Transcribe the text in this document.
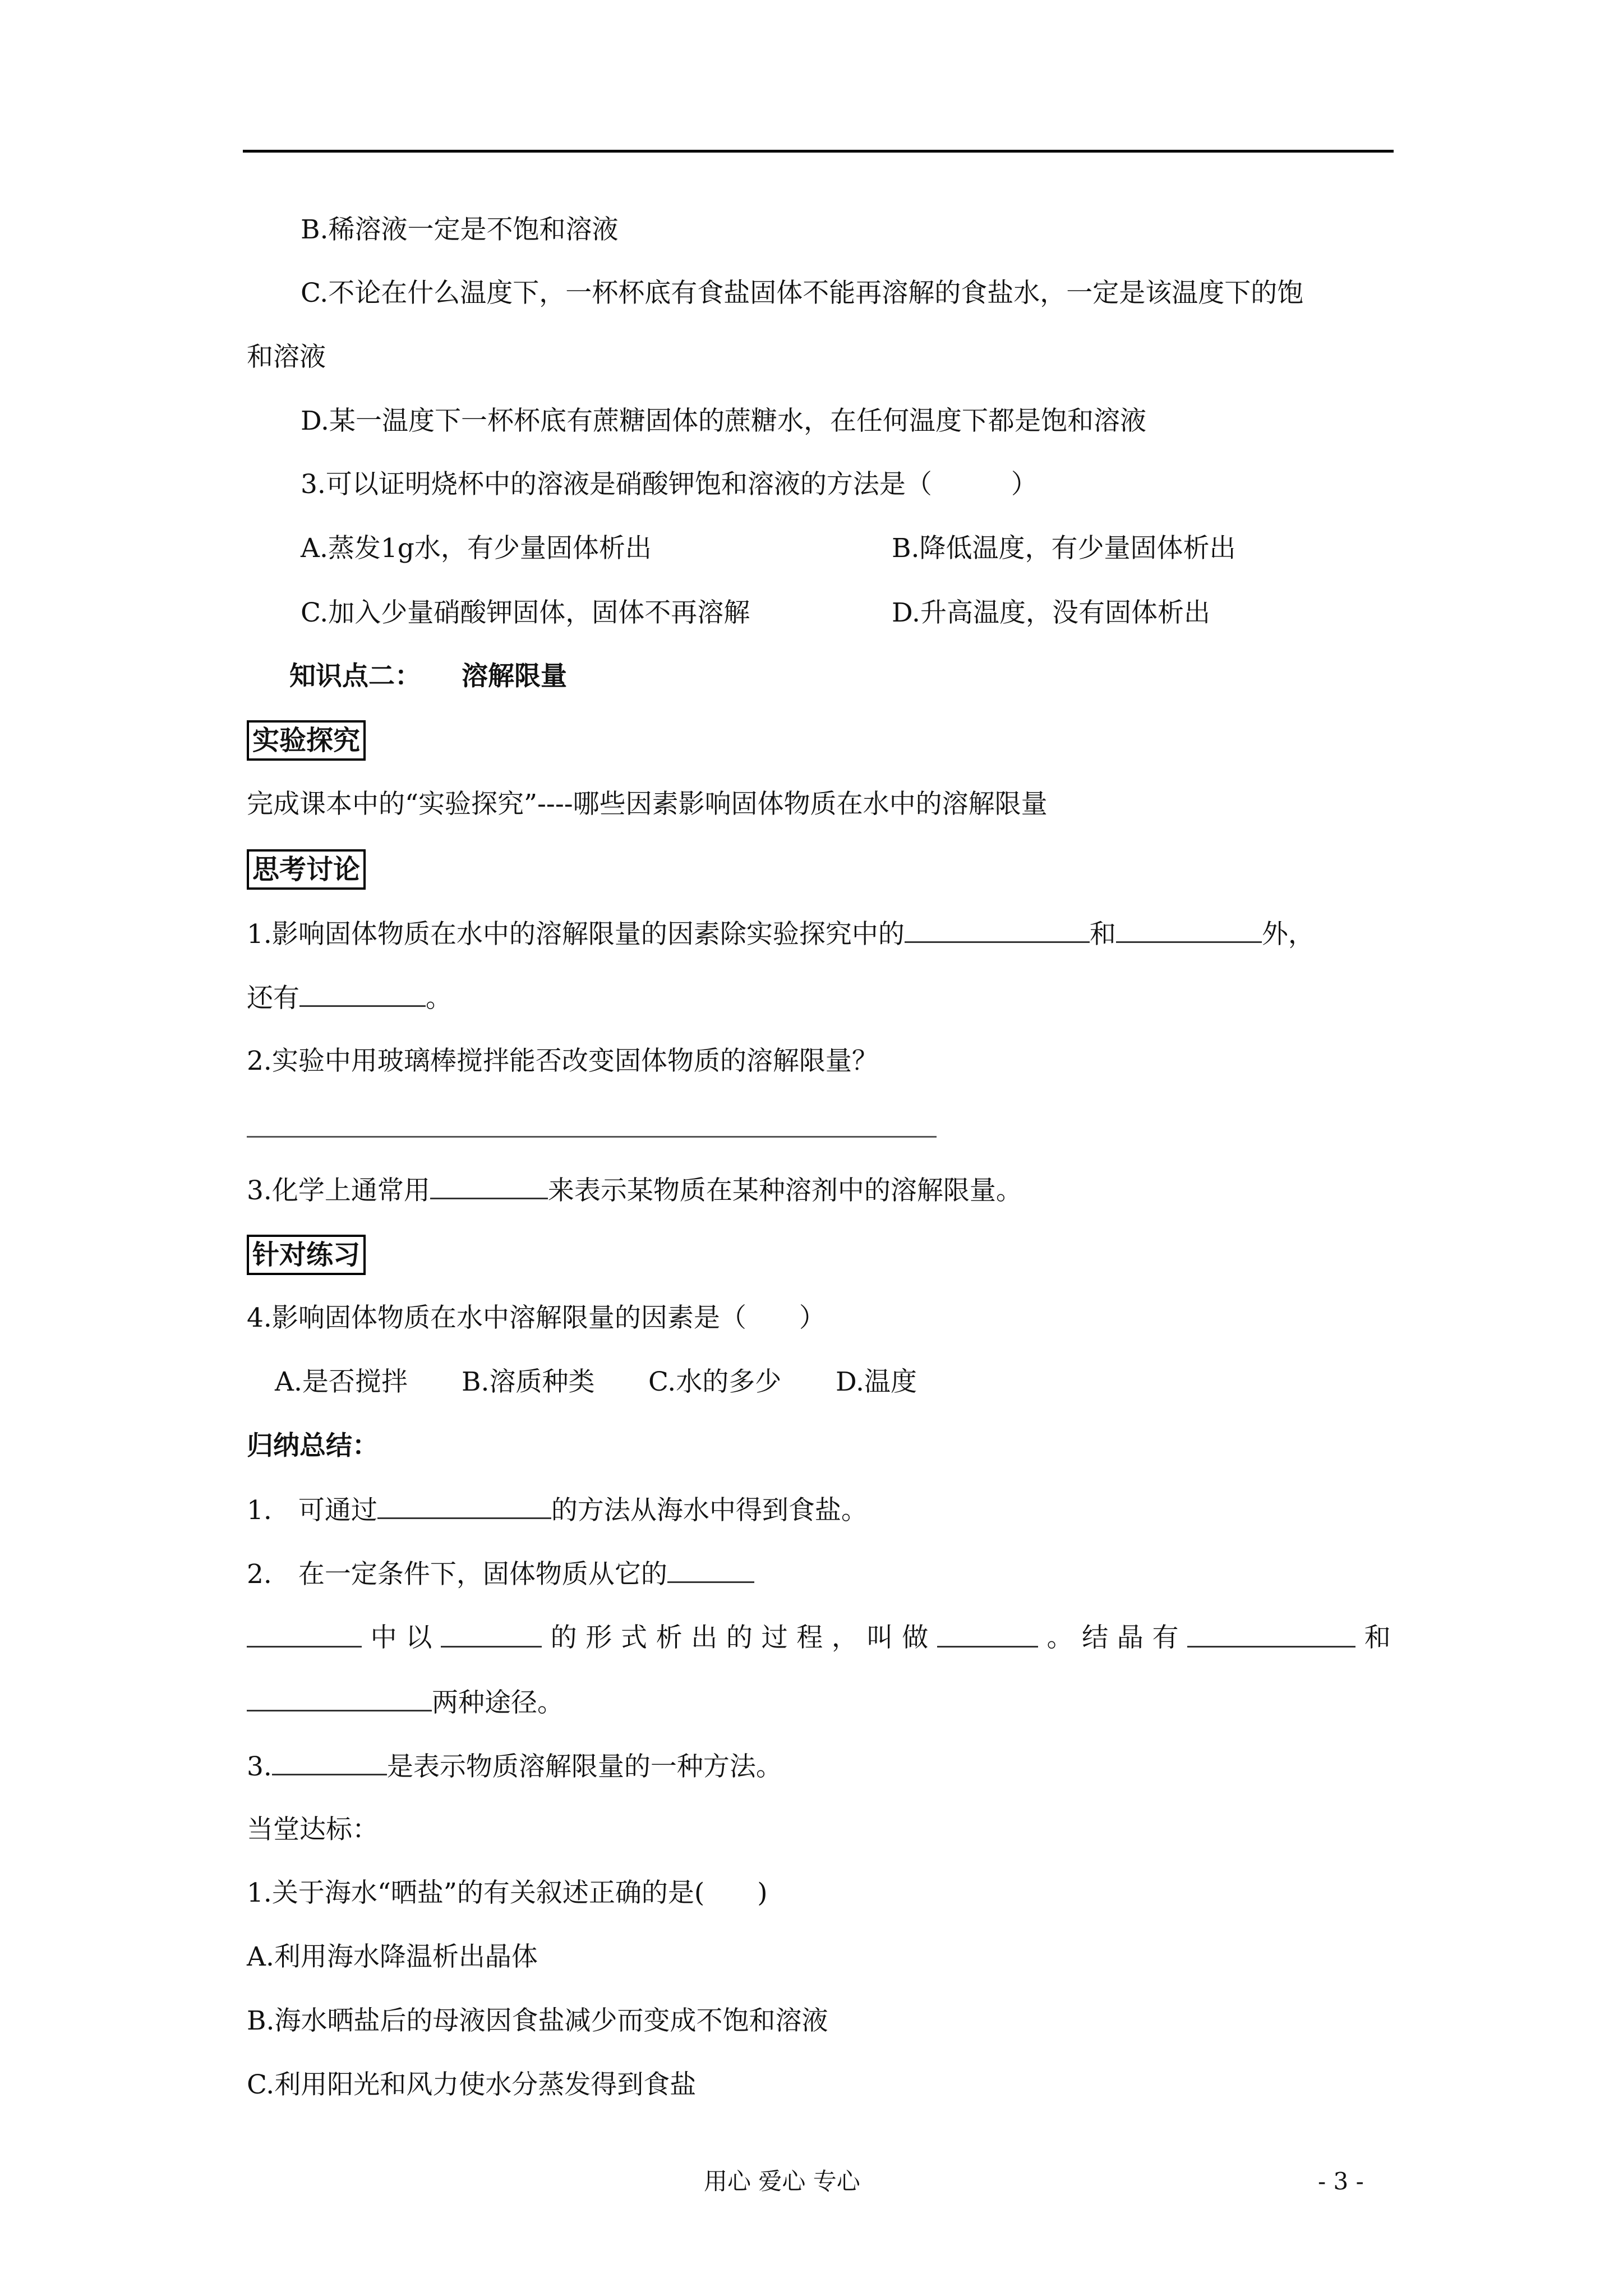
B.稀溶液一定是不饱和溶液
C.不论在什么温度下，一杯杯底有食盐固体不能再溶解的食盐水，一定是该温度下的饱
和溶液
D.某一温度下一杯杯底有蔗糖固体的蔗糖水，在任何温度下都是饱和溶液
3.可以证明烧杯中的溶液是硝酸钾饱和溶液的方法是（　　　）
A.蒸发1g水，有少量固体析出	B.降低温度，有少量固体析出
C.加入少量硝酸钾固体，固体不再溶解	D.升高温度，没有固体析出
知识点二： 溶解限量
实验探究
完成课本中的“实验探究”----哪些因素影响固体物质在水中的溶解限量
思考讨论
1.影响固体物质在水中的溶解限量的因素除实验探究中的	和	外，
还有	。
2.实验中用玻璃棒搅拌能否改变固体物质的溶解限量？
3.化学上通常用	来表示某物质在某种溶剂中的溶解限量。
针对练习
4.影响固体物质在水中溶解限量的因素是（　　）
A.是否搅拌 B.溶质种类 C.水的多少 D.温度
归纳总结：
1.　可通过	的方法从海水中得到食盐。
2.　在一定条件下，固体物质从它的
中 以	的 形 式 析 出 的 过 程 ， 叫 做	。 结 晶 有	和
两种途径。
3.	是表示物质溶解限量的一种方法。
当堂达标：
1.关于海水“晒盐”的有关叙述正确的是(　　)
A.利用海水降温析出晶体
B.海水晒盐后的母液因食盐减少而变成不饱和溶液
C.利用阳光和风力使水分蒸发得到食盐
用心 爱心 专心	- 3 -
